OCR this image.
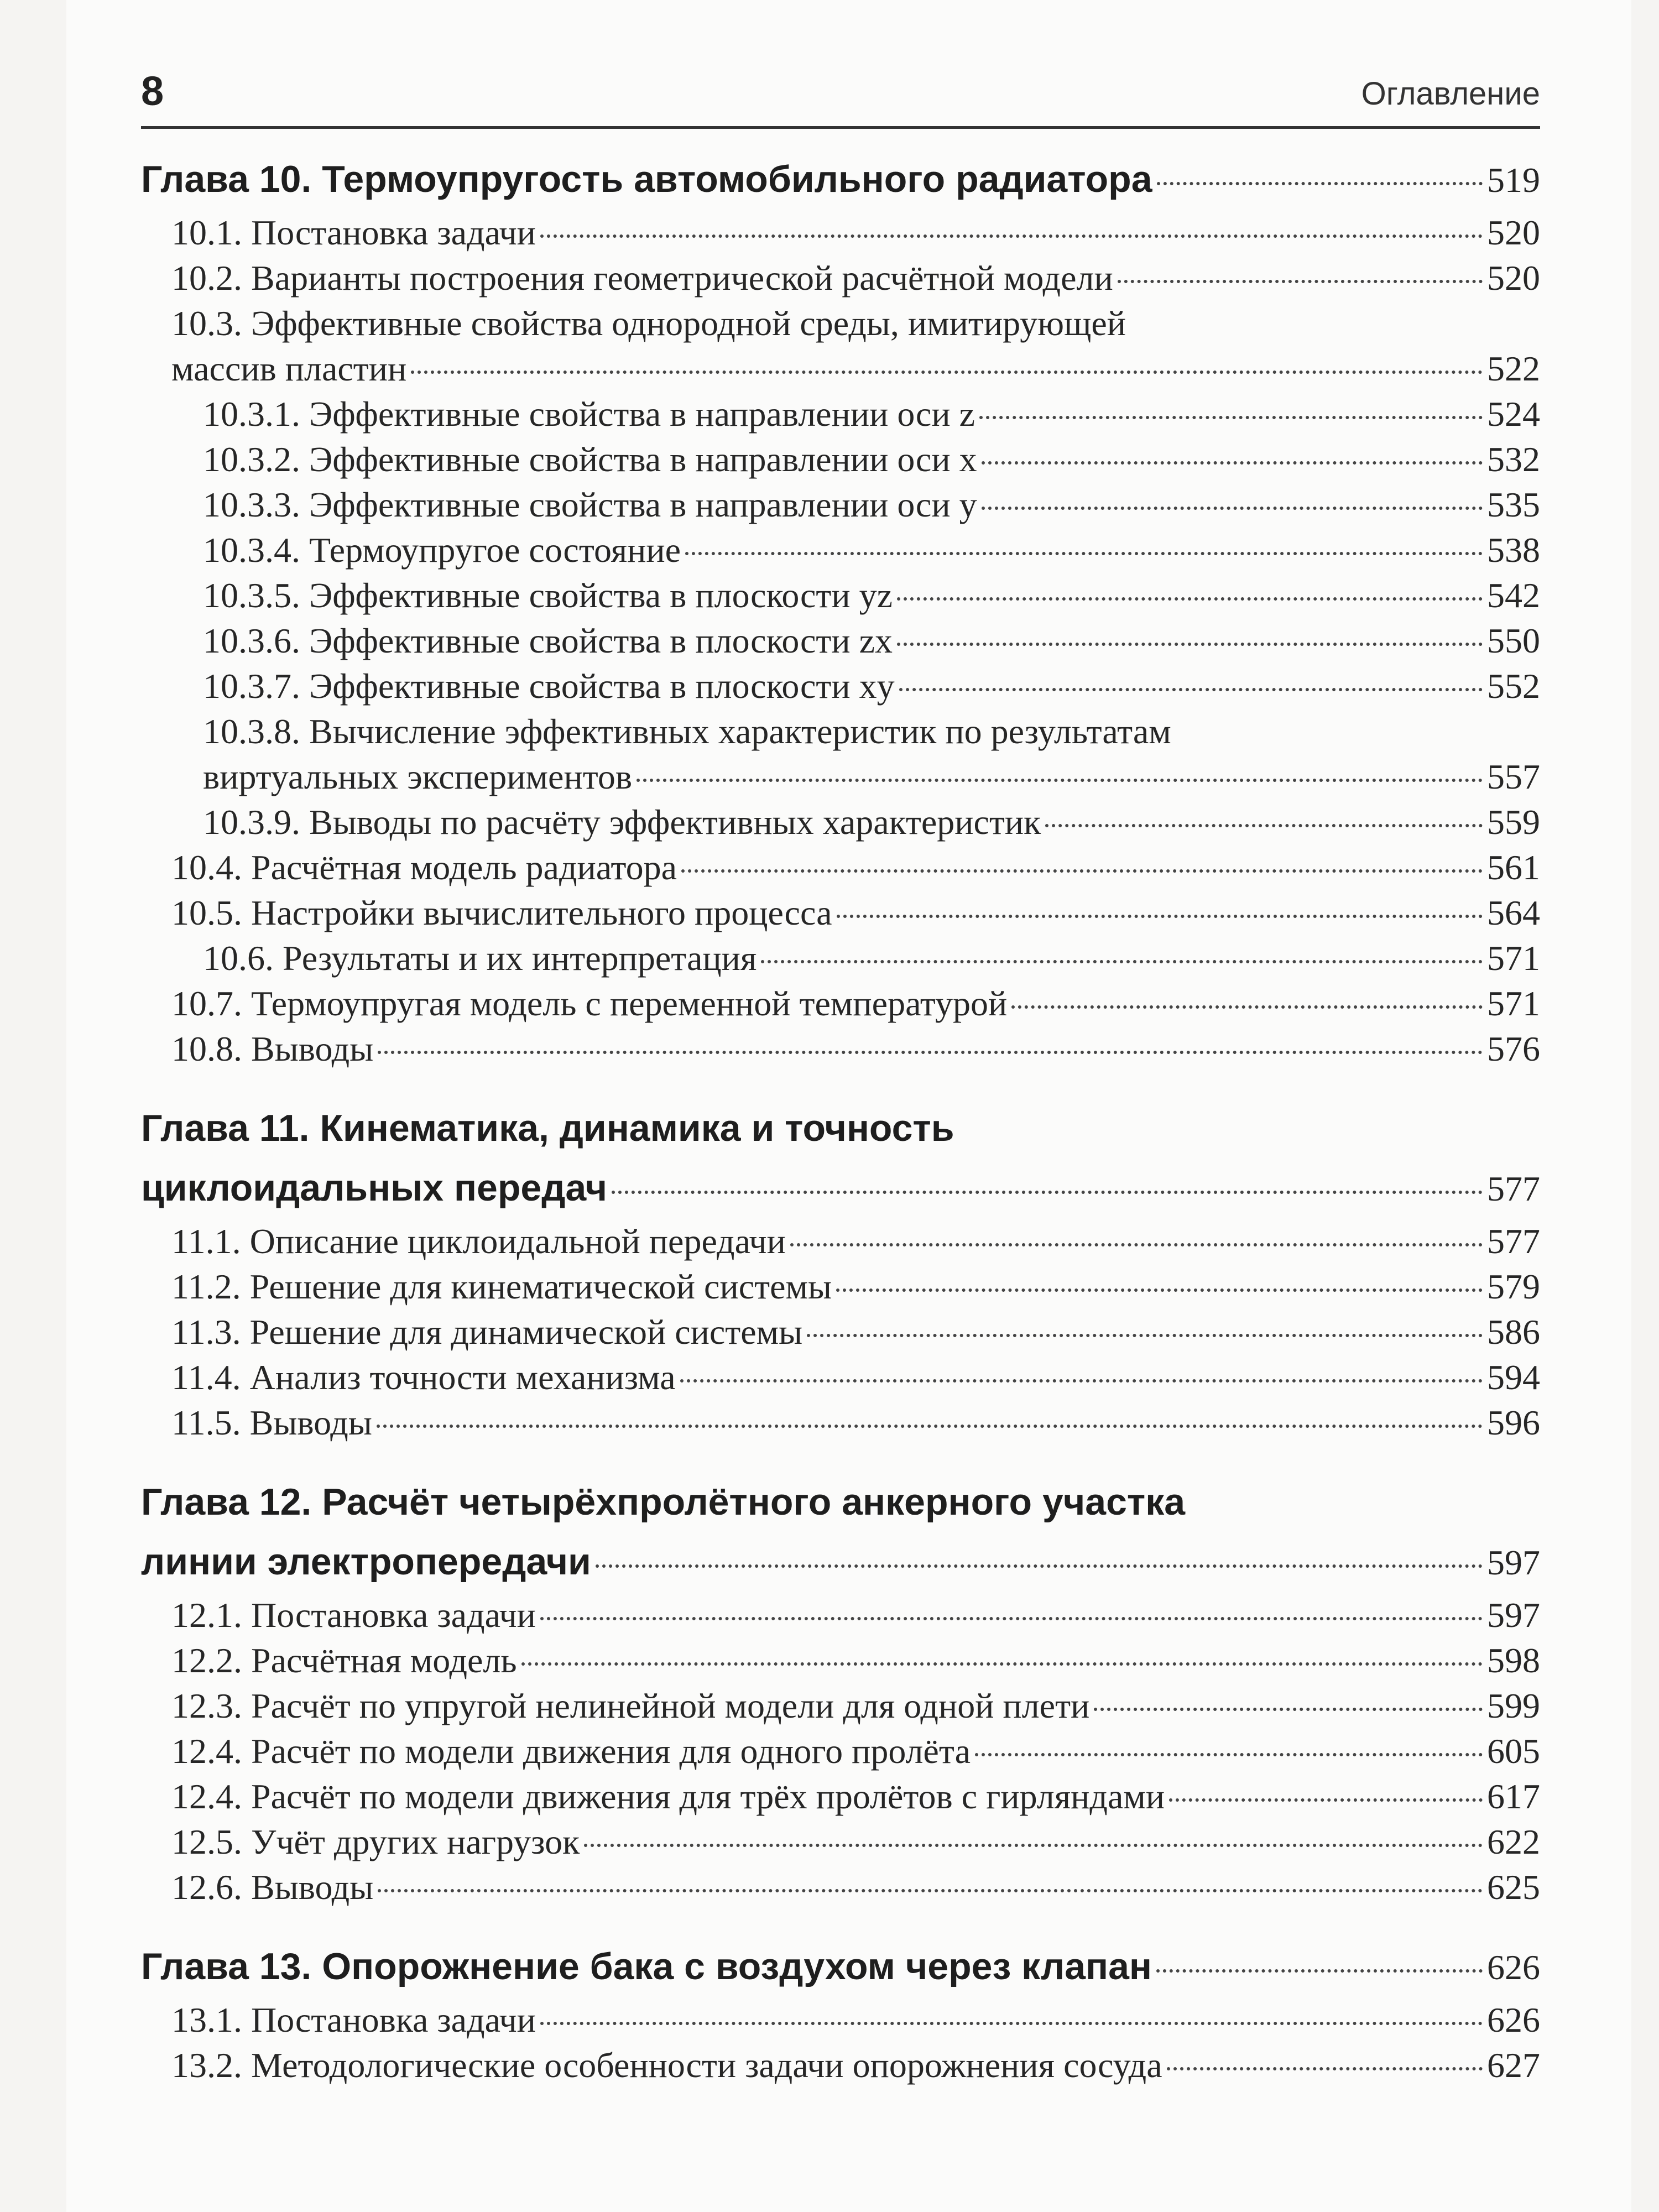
8	Оглавление
Глава 10. Термоупругость автомобильного радиатора	519
10.1. Постановка задачи	520
10.2. Варианты построения геометрической расчётной модели	520
10.3. Эффективные свойства однородной среды, имитирующей
массив пластин	522
10.3.1. Эффективные свойства в направлении оси z	524
10.3.2. Эффективные свойства в направлении оси x	532
10.3.3. Эффективные свойства в направлении оси y	535
10.3.4. Термоупругое состояние	538
10.3.5. Эффективные свойства в плоскости yz	542
10.3.6. Эффективные свойства в плоскости zx	550
10.3.7. Эффективные свойства в плоскости xy	552
10.3.8. Вычисление эффективных характеристик по результатам
виртуальных экспериментов	557
10.3.9. Выводы по расчёту эффективных характеристик	559
10.4. Расчётная модель радиатора	561
10.5. Настройки вычислительного процесса	564
10.6. Результаты и их интерпретация	571
10.7. Термоупругая модель с переменной температурой	571
10.8. Выводы	576
Глава 11. Кинематика, динамика и точность
циклоидальных передач	577
11.1. Описание циклоидальной передачи	577
11.2. Решение для кинематической системы	579
11.3. Решение для динамической системы	586
11.4. Анализ точности механизма	594
11.5. Выводы	596
Глава 12. Расчёт четырёхпролётного анкерного участка
линии электропередачи	597
12.1. Постановка задачи	597
12.2. Расчётная модель	598
12.3. Расчёт по упругой нелинейной модели для одной плети	599
12.4. Расчёт по модели движения для одного пролёта	605
12.4. Расчёт по модели движения для трёх пролётов с гирляндами	617
12.5. Учёт других нагрузок	622
12.6. Выводы	625
Глава 13. Опорожнение бака с воздухом через клапан	626
13.1. Постановка задачи	626
13.2. Методологические особенности задачи опорожнения сосуда	627
